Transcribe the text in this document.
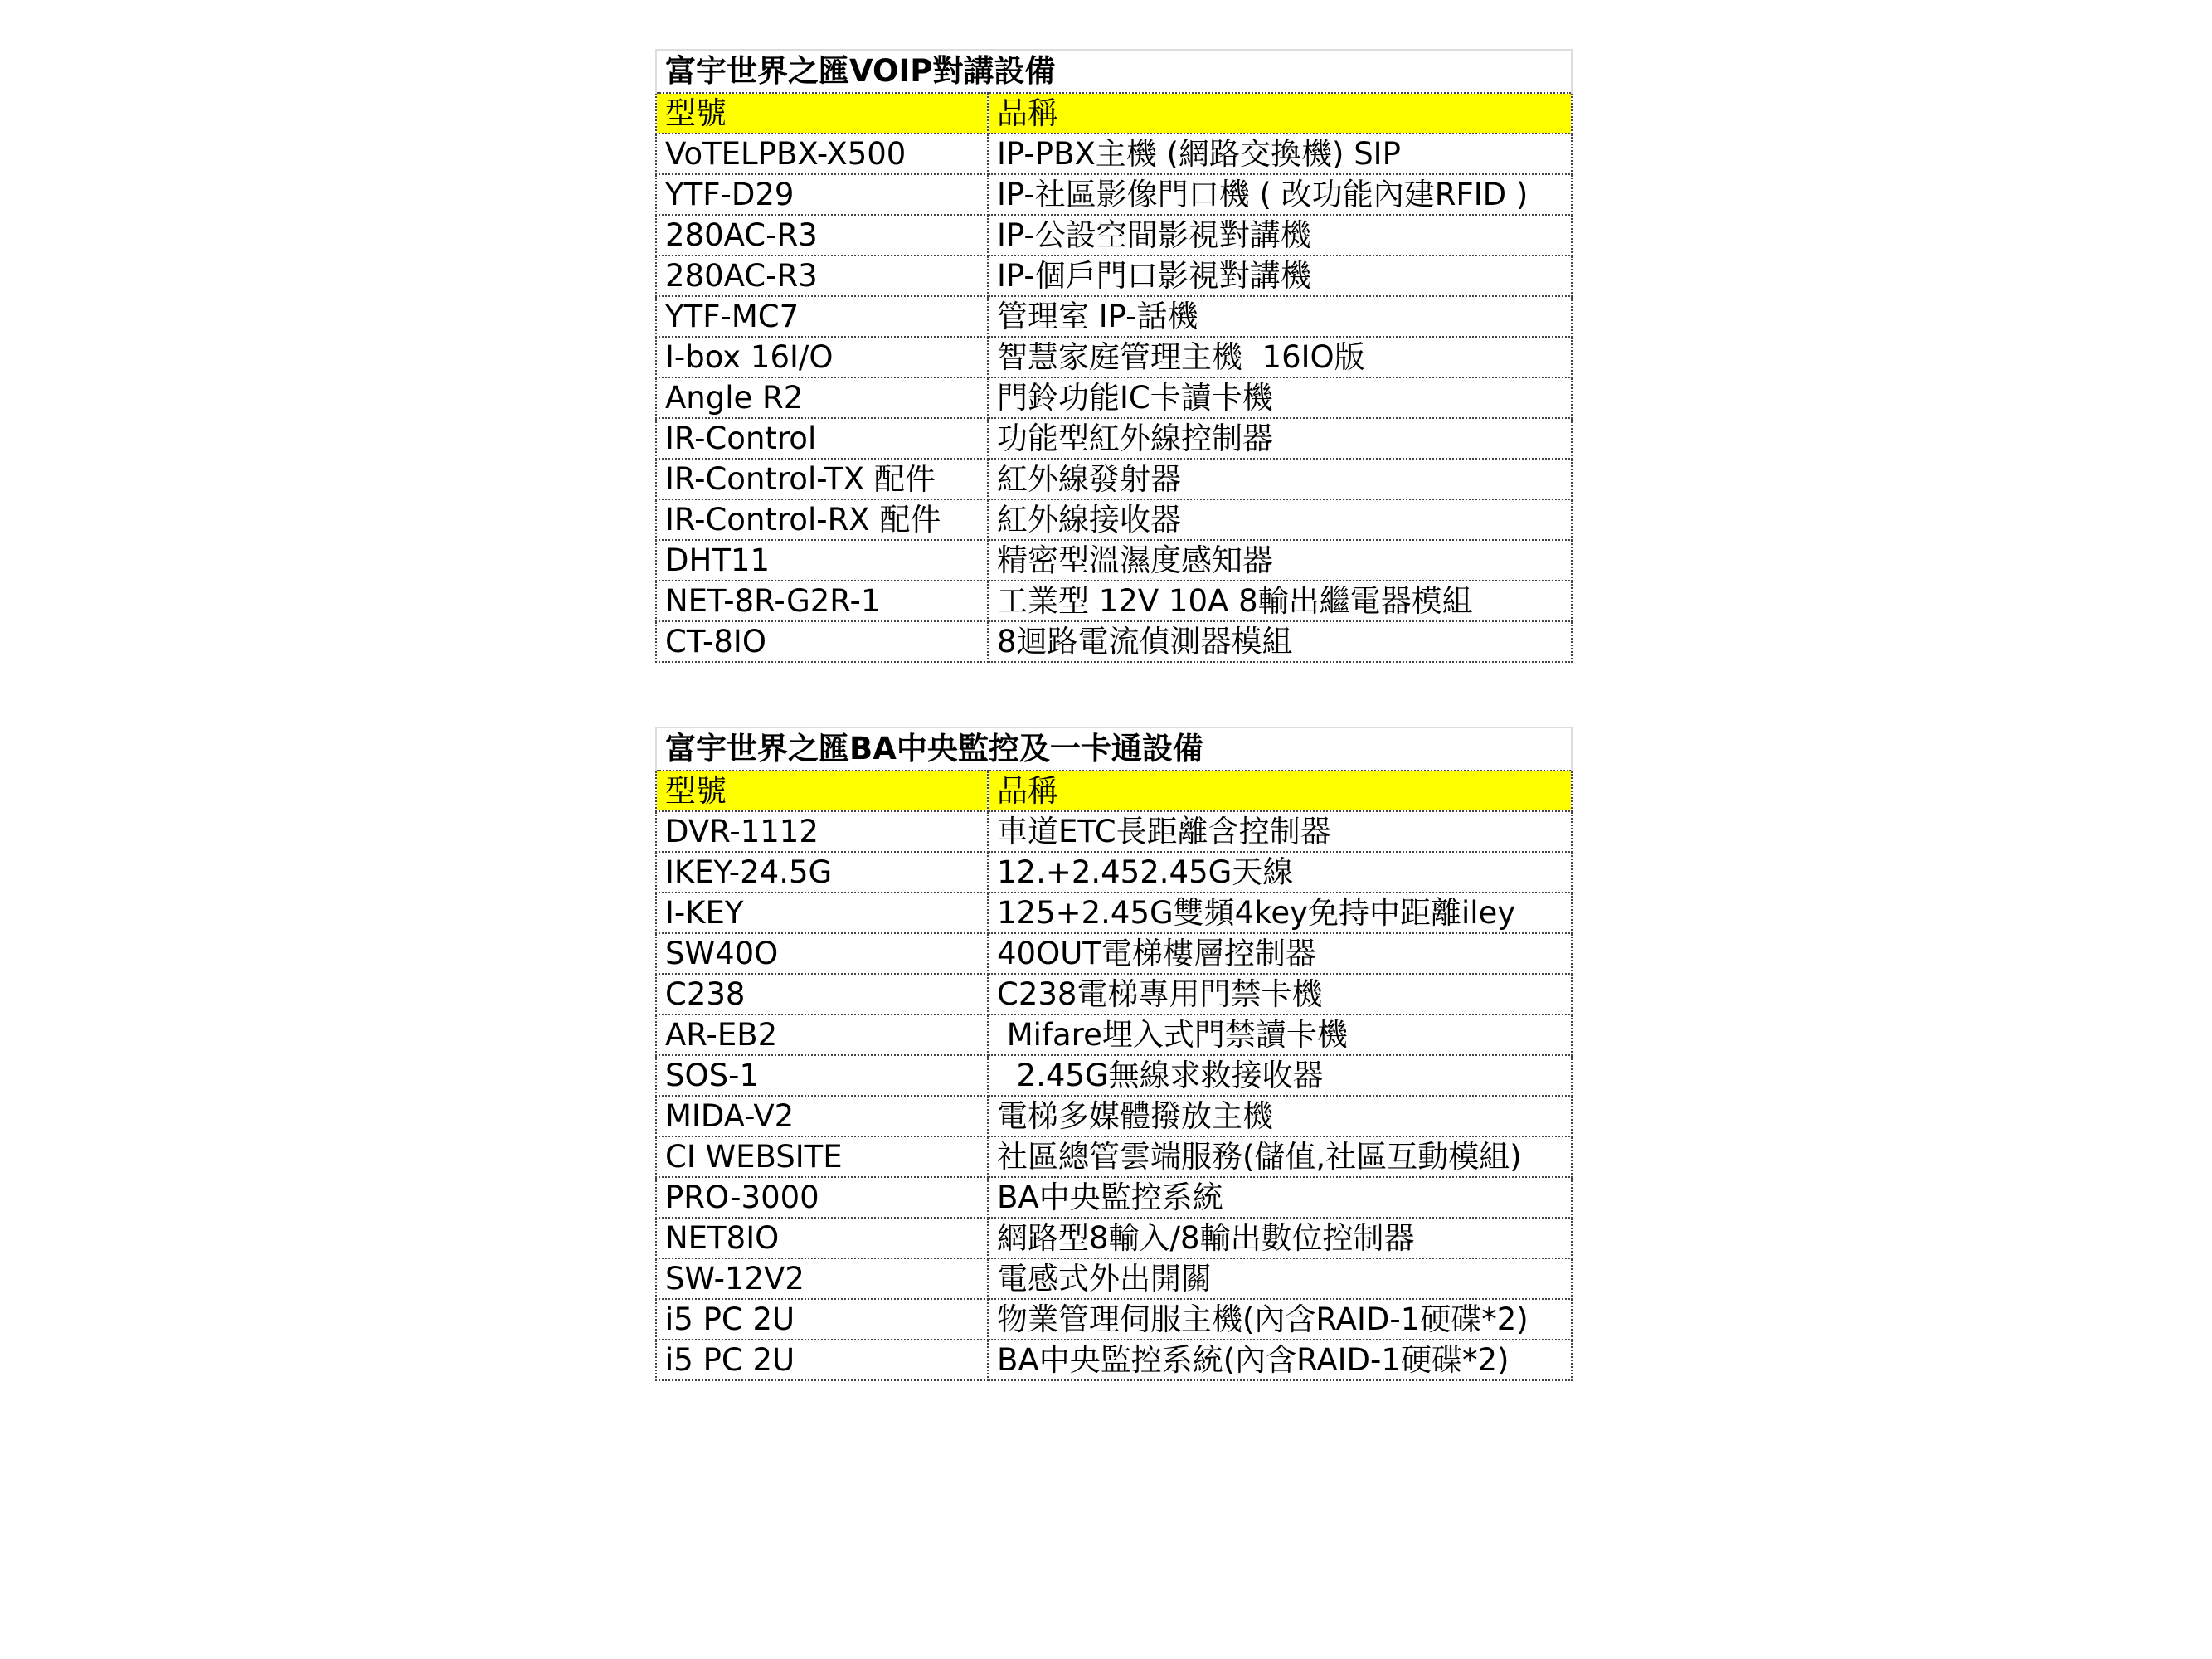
富宇世界之匯VOIP對講設備	
型號	品稱
VoTELPBX-X500	IP-PBX主機 (網路交換機) SIP
YTF-D29	IP-社區影像門口機 ( 改功能內建RFID )
280AC-R3	IP-公設空間影視對講機
280AC-R3	IP-個戶門口影視對講機
YTF-MC7	管理室 IP-話機
I-box 16I/O	智慧家庭管理主機  16IO版
Angle R2	門鈴功能IC卡讀卡機
IR-Control	功能型紅外線控制器
IR-Control-TX 配件	紅外線發射器
IR-Control-RX 配件	紅外線接收器
DHT11	精密型溫濕度感知器
NET-8R-G2R-1	工業型 12V 10A 8輸出繼電器模組
CT-8IO	8迴路電流偵測器模組
富宇世界之匯BA中央監控及一卡通設備	
型號	品稱
DVR-1112	車道ETC長距離含控制器
IKEY-24.5G	12.+2.452.45G天線
I-KEY	125+2.45G雙頻4key免持中距離iley
SW40O	40OUT電梯樓層控制器
C238	C238電梯專用門禁卡機
AR-EB2	Mifare埋入式門禁讀卡機
SOS-1	2.45G無線求救接收器
MIDA-V2	電梯多媒體撥放主機
CI WEBSITE	社區總管雲端服務(儲值,社區互動模組)
PRO-3000	BA中央監控系統
NET8IO	網路型8輸入/8輸出數位控制器
SW-12V2	電感式外出開關
i5 PC 2U	物業管理伺服主機(內含RAID-1硬碟*2)
i5 PC 2U	BA中央監控系統(內含RAID-1硬碟*2)
